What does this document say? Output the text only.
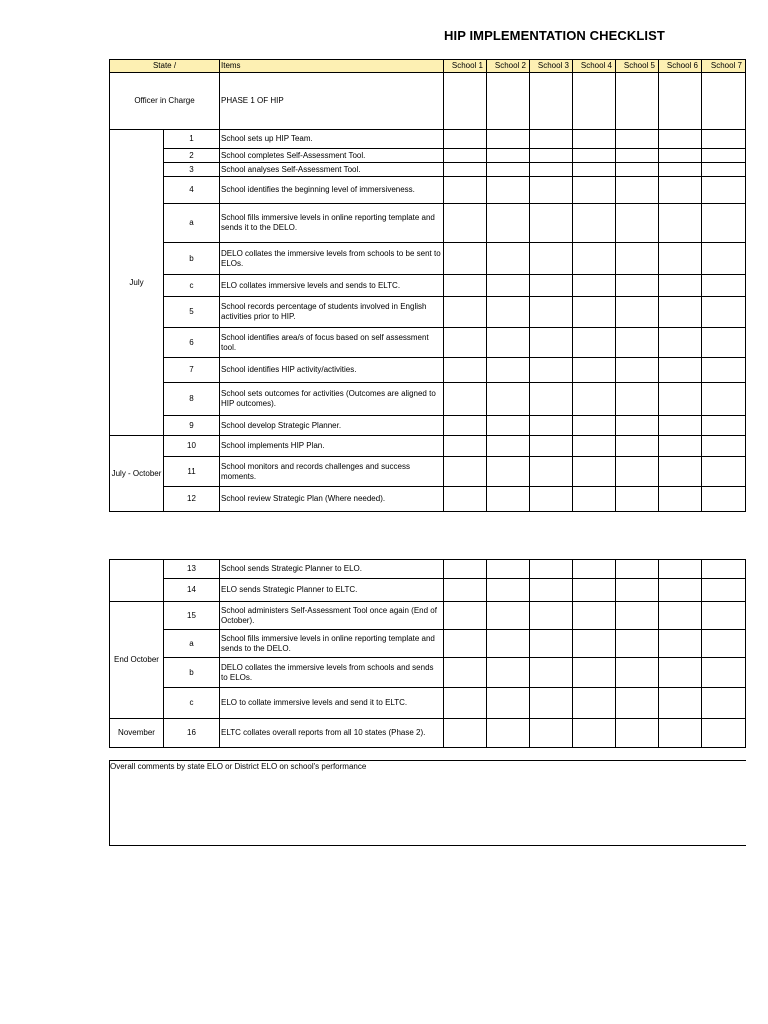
HIP IMPLEMENTATION CHECKLIST
State /		Items	School 1	School 2	School 3	School 4	School 5	School 6	School 7
Officer in Charge		PHASE 1 OF HIP							
July	1	School sets up HIP Team.							
	2	School completes Self-Assessment Tool.							
	3	School analyses Self-Assessment Tool.							
	4	School identifies the beginning level of immersiveness.							
	a	School fills immersive levels in online reporting template and sends it to the DELO.							
	b	DELO collates the immersive levels from schools to be sent to ELOs.							
	c	ELO collates immersive levels and sends to ELTC.							
	5	School records percentage of students involved in English activities prior to HIP.							
	6	School identifies area/s of focus based on self assessment tool.							
	7	School identifies HIP activity/activities.							
	8	School sets outcomes for activities (Outcomes are aligned to HIP outcomes).							
	9	School develop Strategic Planner.							
July - October	10	School implements HIP Plan.							
	11	School monitors and records challenges and success moments.							
	12	School review Strategic Plan (Where needed).							
	13	School sends Strategic Planner to ELO.							
	14	ELO sends Strategic Planner to ELTC.							
End October	15	School administers Self-Assessment Tool once again (End of October).							
	a	School fills immersive levels in online reporting template and sends to the DELO.							
	b	DELO collates the immersive levels from schools and sends to ELOs.							
	c	ELO to collate immersive levels and send it to ELTC.							
November	16	ELTC collates overall reports from all 10 states (Phase 2).							
Overall comments by state ELO or District ELO on school's performance
